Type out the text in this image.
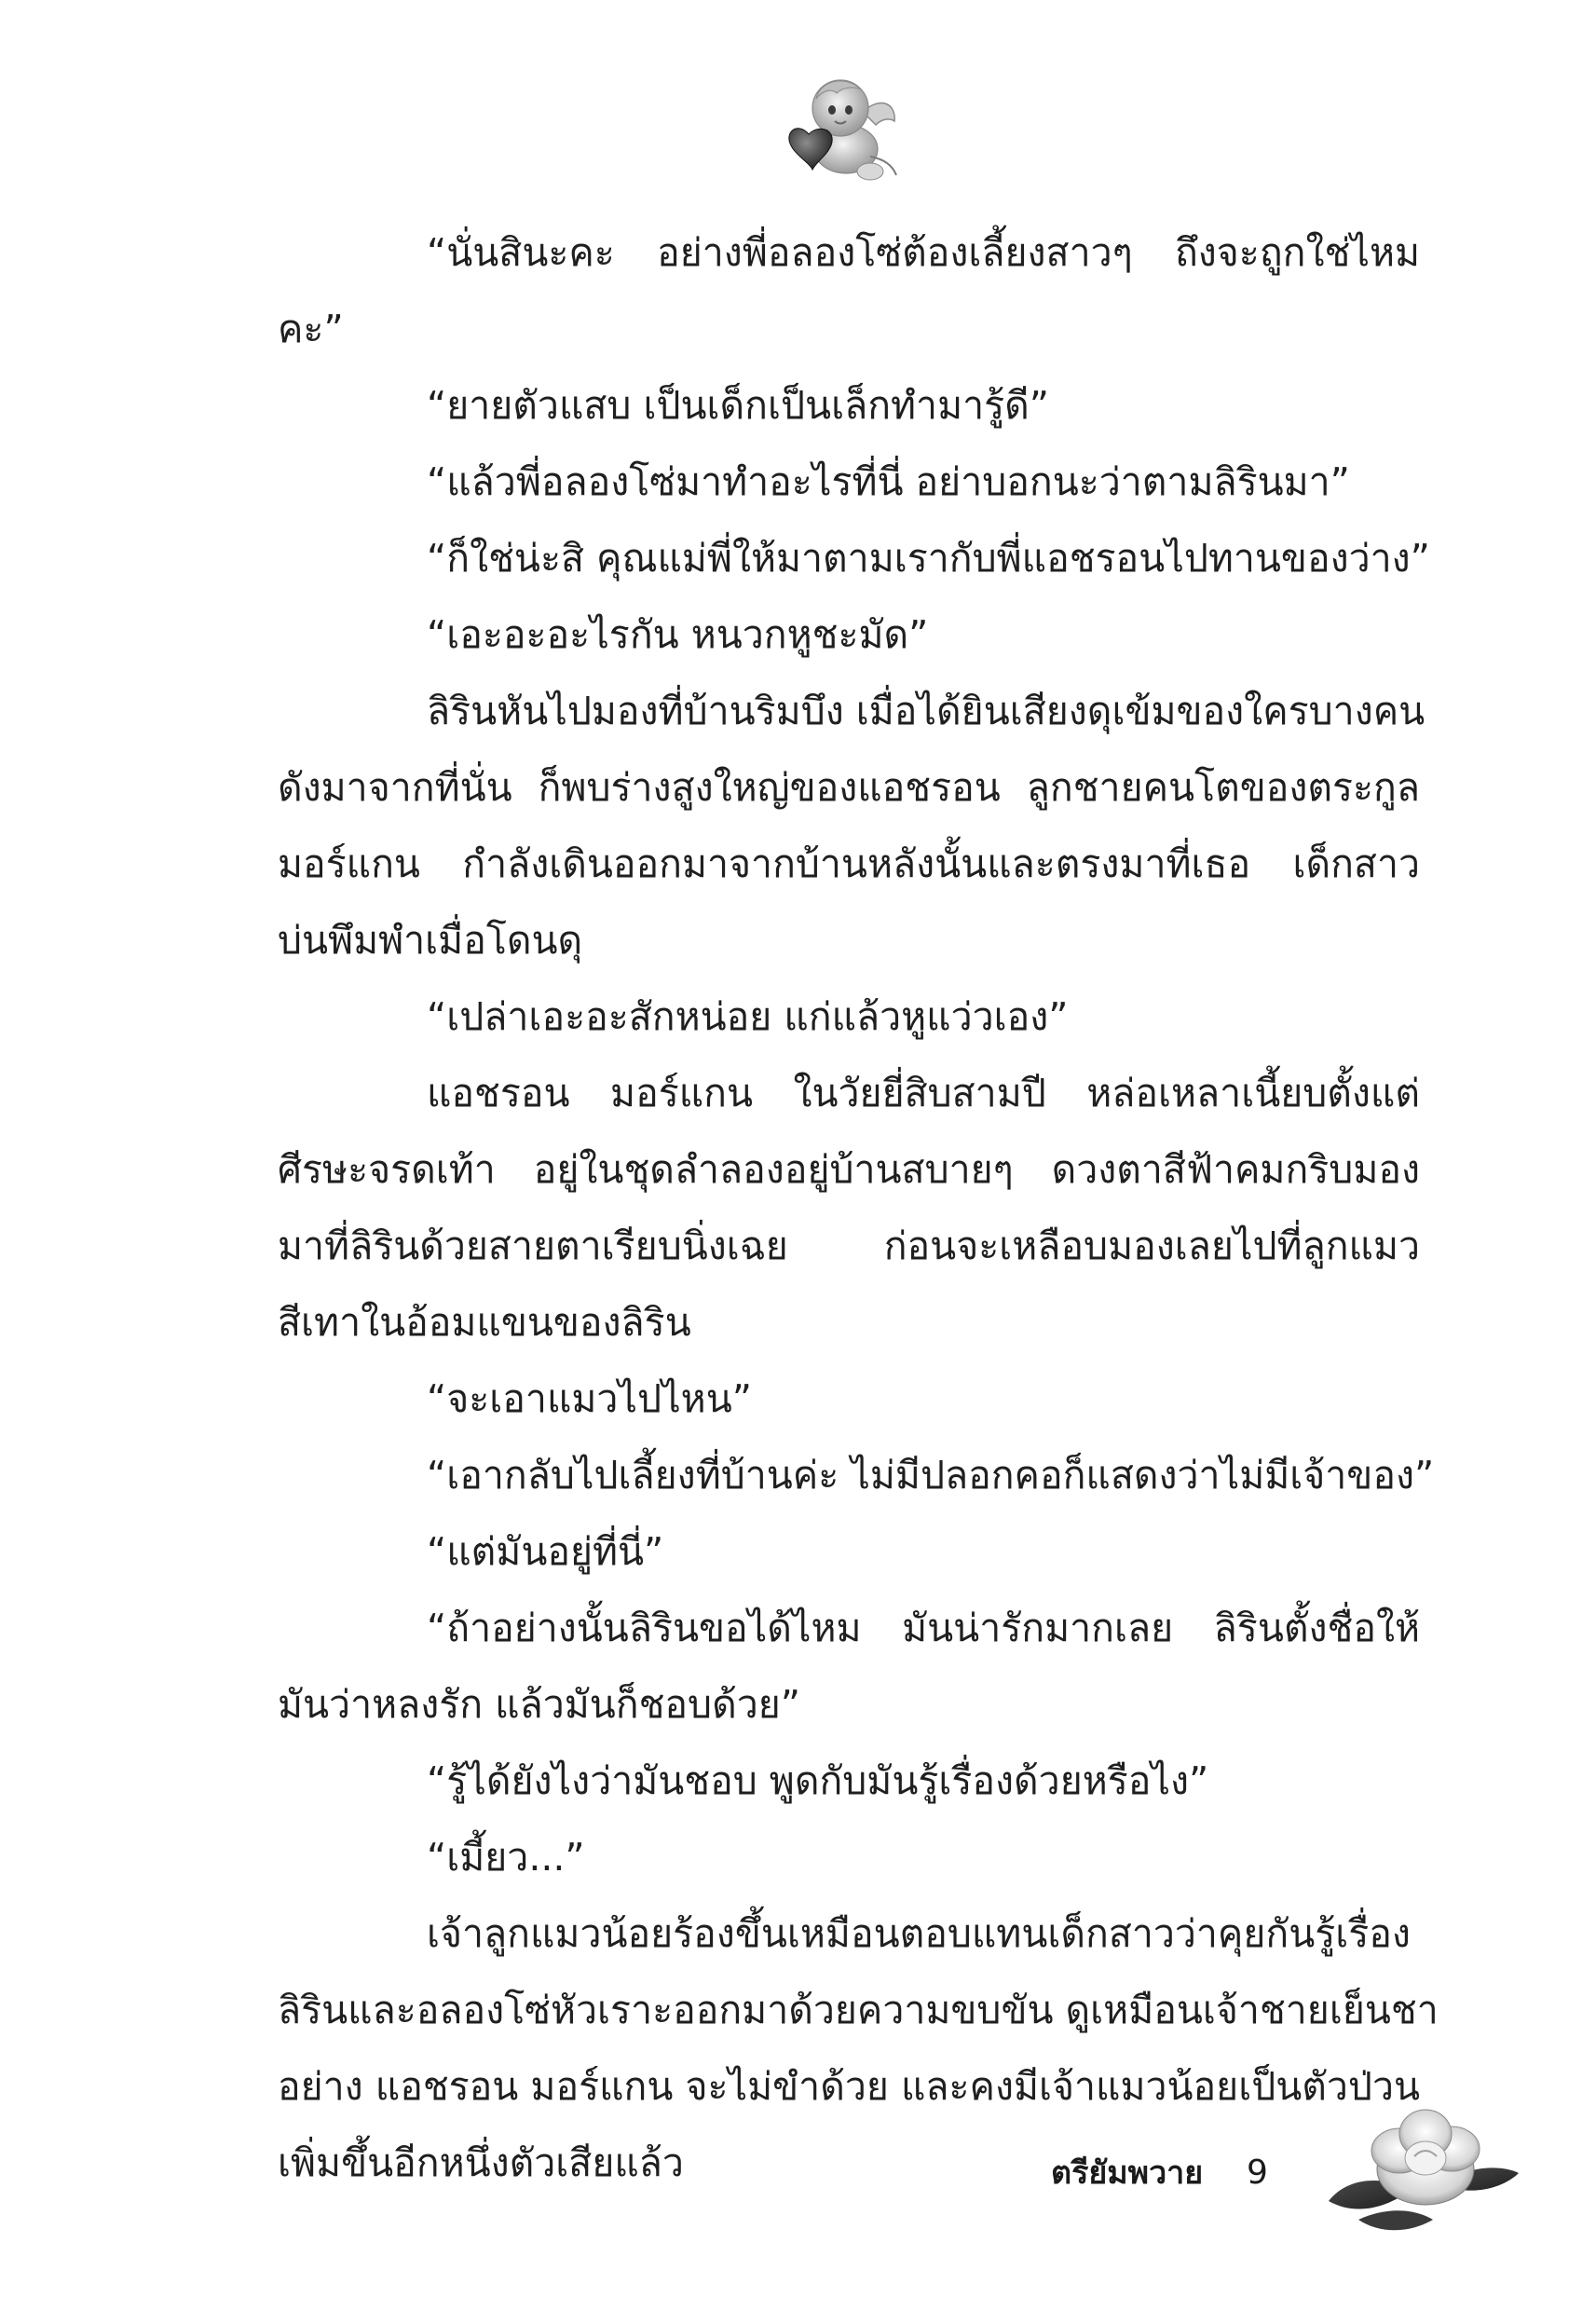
“นั่นสินะคะ อย่างพี่อลองโซ่ต้องเลี้ยงสาวๆ ถึงจะถูกใช่ไหม
คะ”
“ยายตัวแสบ เป็นเด็กเป็นเล็กทำมารู้ดี”
“แล้วพี่อลองโซ่มาทำอะไรที่นี่ อย่าบอกนะว่าตามลิรินมา”
“ก็ใช่น่ะสิ คุณแม่พี่ให้มาตามเรากับพี่แอชรอนไปทานของว่าง”
“เอะอะอะไรกัน หนวกหูชะมัด”
ลิรินหันไปมองที่บ้านริมบึง เมื่อได้ยินเสียงดุเข้มของใครบางคน
ดังมาจากที่นั่น ก็พบร่างสูงใหญ่ของแอชรอน ลูกชายคนโตของตระกูล
มอร์แกน กำลังเดินออกมาจากบ้านหลังนั้นและตรงมาที่เธอ เด็กสาว
บ่นพึมพำเมื่อโดนดุ
“เปล่าเอะอะสักหน่อย แก่แล้วหูแว่วเอง”
แอชรอน มอร์แกน ในวัยยี่สิบสามปี หล่อเหลาเนี้ยบตั้งแต่
ศีรษะจรดเท้า อยู่ในชุดลำลองอยู่บ้านสบายๆ ดวงตาสีฟ้าคมกริบมอง
มาที่ลิรินด้วยสายตาเรียบนิ่งเฉย ก่อนจะเหลือบมองเลยไปที่ลูกแมว
สีเทาในอ้อมแขนของลิริน
“จะเอาแมวไปไหน”
“เอากลับไปเลี้ยงที่บ้านค่ะ ไม่มีปลอกคอก็แสดงว่าไม่มีเจ้าของ”
“แต่มันอยู่ที่นี่”
“ถ้าอย่างนั้นลิรินขอได้ไหม มันน่ารักมากเลย ลิรินตั้งชื่อให้
มันว่าหลงรัก แล้วมันก็ชอบด้วย”
“รู้ได้ยังไงว่ามันชอบ พูดกับมันรู้เรื่องด้วยหรือไง”
“เมี้ยว...”
เจ้าลูกแมวน้อยร้องขึ้นเหมือนตอบแทนเด็กสาวว่าคุยกันรู้เรื่อง
ลิรินและอลองโซ่หัวเราะออกมาด้วยความขบขัน ดูเหมือนเจ้าชายเย็นชา
อย่าง แอชรอน มอร์แกน จะไม่ขำด้วย และคงมีเจ้าแมวน้อยเป็นตัวป่วน
เพิ่มขึ้นอีกหนึ่งตัวเสียแล้ว	ตรียัมพวาย 9
